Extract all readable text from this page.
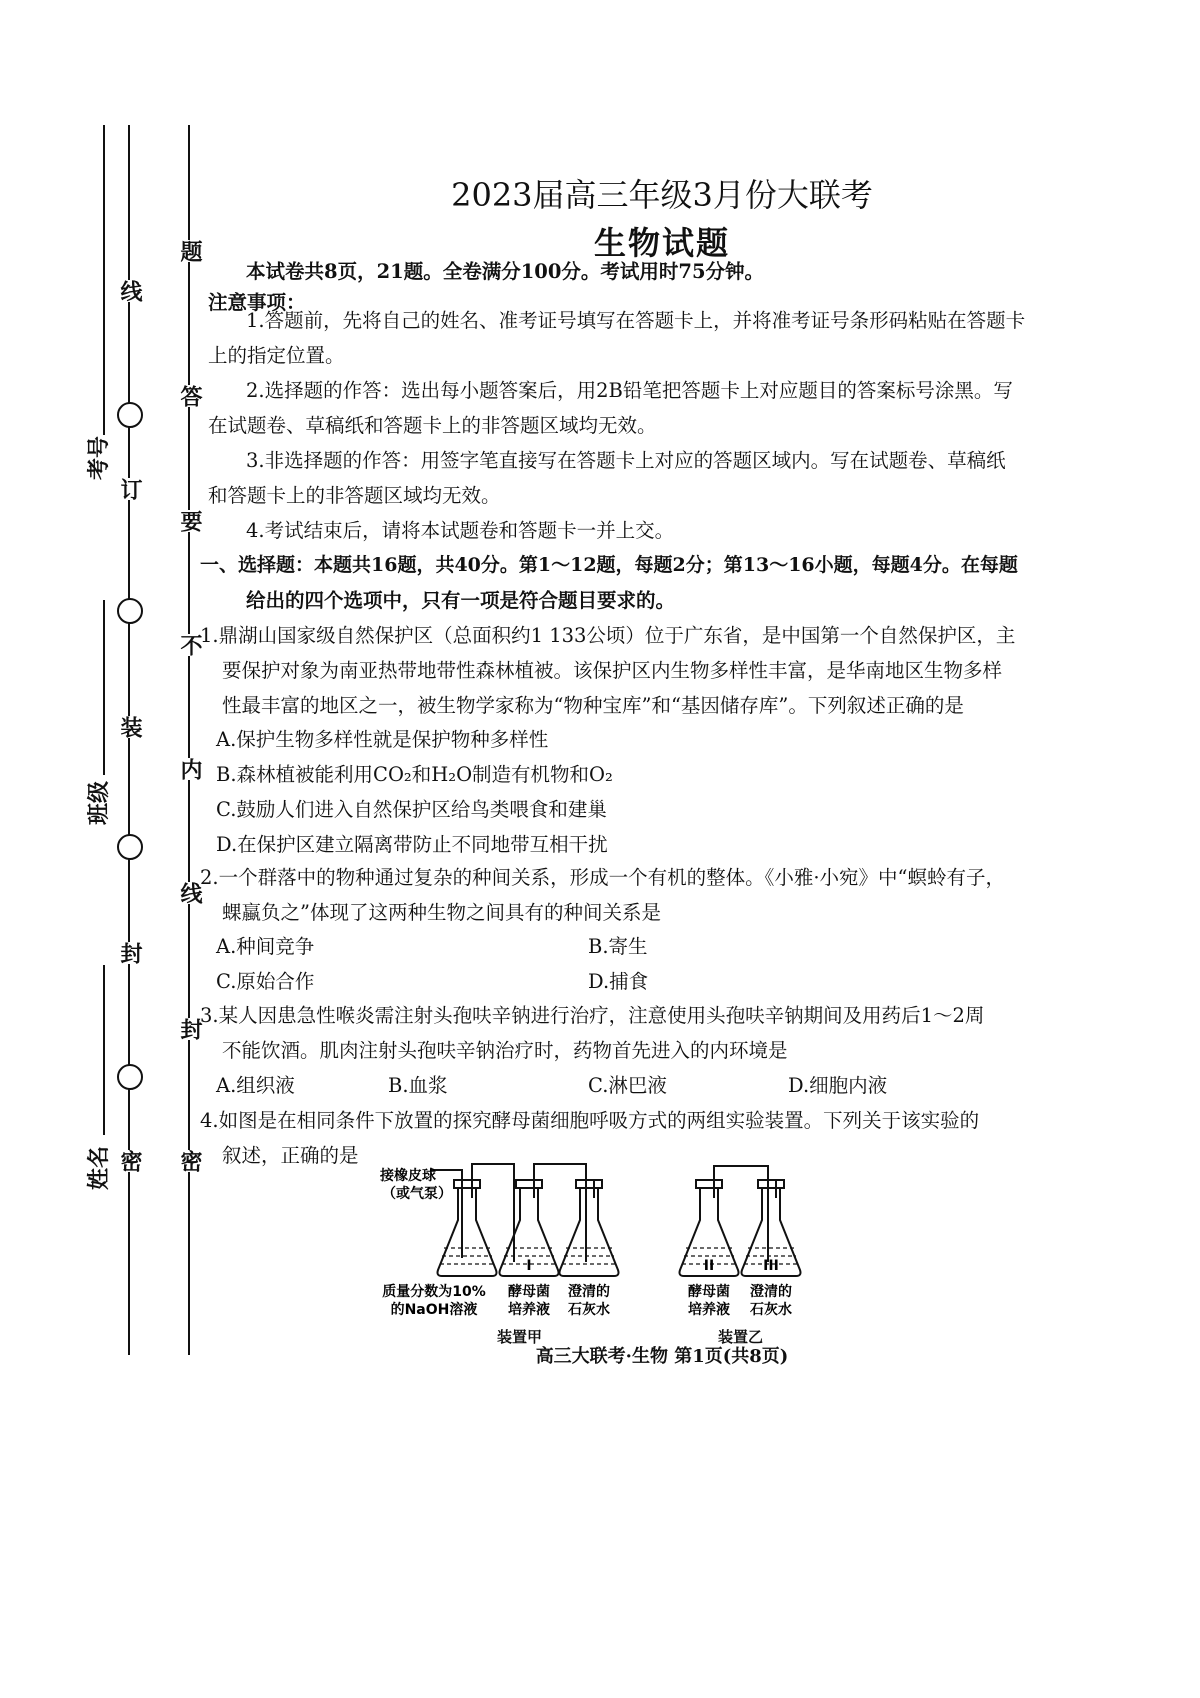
线
订
装
封
密
题
答
要
不
内
线
封
密
考号
班级
姓名
2023届高三年级3月份大联考
生物试题
本试卷共8页，21题。全卷满分100分。考试用时75分钟。
注意事项：
1.答题前，先将自己的姓名、准考证号填写在答题卡上，并将准考证号条形码粘贴在答题卡
上的指定位置。
2.选择题的作答：选出每小题答案后，用2B铅笔把答题卡上对应题目的答案标号涂黑。写
在试题卷、草稿纸和答题卡上的非答题区域均无效。
3.非选择题的作答：用签字笔直接写在答题卡上对应的答题区域内。写在试题卷、草稿纸
和答题卡上的非答题区域均无效。
4.考试结束后，请将本试题卷和答题卡一并上交。
一、选择题：本题共16题，共40分。第1～12题，每题2分；第13～16小题，每题4分。在每题
给出的四个选项中，只有一项是符合题目要求的。
1.鼎湖山国家级自然保护区（总面积约1 133公顷）位于广东省，是中国第一个自然保护区，主
要保护对象为南亚热带地带性森林植被。该保护区内生物多样性丰富，是华南地区生物多样
性最丰富的地区之一，被生物学家称为“物种宝库”和“基因储存库”。下列叙述正确的是
A.保护生物多样性就是保护物种多样性
B.森林植被能利用CO₂和H₂O制造有机物和O₂
C.鼓励人们进入自然保护区给鸟类喂食和建巢
D.在保护区建立隔离带防止不同地带互相干扰
2.一个群落中的物种通过复杂的种间关系，形成一个有机的整体。《小雅·小宛》中“螟蛉有子，
蜾蠃负之”体现了这两种生物之间具有的种间关系是
A.种间竞争	B.寄生
C.原始合作	D.捕食
3.某人因患急性喉炎需注射头孢呋辛钠进行治疗，注意使用头孢呋辛钠期间及用药后1～2周
不能饮酒。肌肉注射头孢呋辛钠治疗时，药物首先进入的内环境是
A.组织液	B.血浆	C.淋巴液	D.细胞内液
4.如图是在相同条件下放置的探究酵母菌细胞呼吸方式的两组实验装置。下列关于该实验的
叙述，正确的是
高三大联考·生物 第1页(共8页)
I	II	III
接橡皮球
（或气泵）
质量分数为10%
的NaOH溶液
酵母菌
培养液
澄清的
石灰水
酵母菌
培养液
澄清的
石灰水
装置甲	装置乙
